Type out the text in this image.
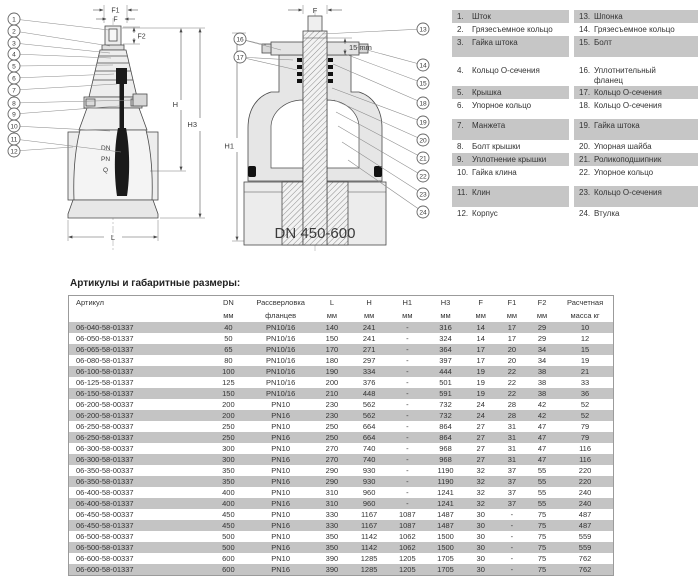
DN
PN
Q
F1
F
F2
H
H3
L
1
2
3
4
5
6
7
8
9
10
11
12
DN 450-600
F
15 mm
H1
13
14
15
18
19
20
21
22
23
24
16
17
1.	Шток	13. Шпонка
2.	Грязесъемное кольцо	14. Грязесъемное кольцо
3.	Гайка штока	15. Болт
4.	Кольцо О-сечения	16. Уплотнительный фланец
5.	Крышка	17. Кольцо О-сечения
6.	Упорное кольцо	18. Кольцо О-сечения
7.	Манжета	19. Гайка штока
8.	Болт крышки	20. Упорная шайба
9.	Уплотнение крышки	21. Роликоподшипник
10. Гайка клина	22. Упорное кольцо
11. Клин	23. Кольцо О-сечения
12. Корпус	24. Втулка

Артикулы и габаритные размеры:

Артикул	DN	Рассверловка	L	H	H1	H3	F	F1	F2	Расчетная
	мм	фланцев	мм	мм	мм	мм	мм	мм	мм	масса кг
06-040-58-01337	40	PN10/16	140	241	-	316	14	17	29	10
06-050-58-01337	50	PN10/16	150	241	-	324	14	17	29	12
06-065-58-01337	65	PN10/16	170	271	-	364	17	20	34	15
06-080-58-01337	80	PN10/16	180	297	-	397	17	20	34	19
06-100-58-01337	100	PN10/16	190	334	-	444	19	22	38	21
06-125-58-01337	125	PN10/16	200	376	-	501	19	22	38	33
06-150-58-01337	150	PN10/16	210	448	-	591	19	22	38	36
06-200-58-00337	200	PN10	230	562	-	732	24	28	42	52
06-200-58-01337	200	PN16	230	562	-	732	24	28	42	52
06-250-58-00337	250	PN10	250	664	-	864	27	31	47	79
06-250-58-01337	250	PN16	250	664	-	864	27	31	47	79
06-300-58-00337	300	PN10	270	740	-	968	27	31	47	116
06-300-58-01337	300	PN16	270	740	-	968	27	31	47	116
06-350-58-00337	350	PN10	290	930	-	1190	32	37	55	220
06-350-58-01337	350	PN16	290	930	-	1190	32	37	55	220
06-400-58-00337	400	PN10	310	960	-	1241	32	37	55	240
06-400-58-01337	400	PN16	310	960	-	1241	32	37	55	240
06-450-58-00337	450	PN10	330	1167	1087	1487	30	-	75	487
06-450-58-01337	450	PN16	330	1167	1087	1487	30	-	75	487
06-500-58-00337	500	PN10	350	1142	1062	1500	30	-	75	559
06-500-58-01337	500	PN16	350	1142	1062	1500	30	-	75	559
06-600-58-00337	600	PN10	390	1285	1205	1705	30	-	75	762
06-600-58-01337	600	PN16	390	1285	1205	1705	30	-	75	762
